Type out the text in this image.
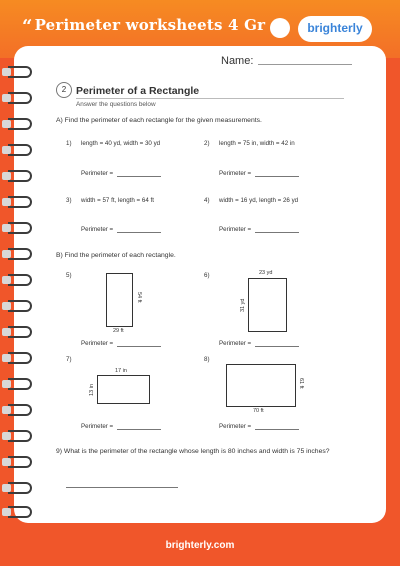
“ Perimeter worksheets 4 Gr	brighterly
Name:
2 Perimeter of a Rectangle
Answer the questions below
A) Find the perimeter of each rectangle for the given measurements.
1) length = 40 yd, width = 30 yd
Perimeter =
2) length = 75 in, width = 42 in
Perimeter =
3) width = 57 ft, length = 64 ft
Perimeter =
4) width = 16 yd, length = 26 yd
Perimeter =
B) Find the perimeter of each rectangle.
5)
54 ft
29 ft
Perimeter =
6)	23 yd
31 yd
Perimeter =
7)
17 in
13 in
Perimeter =
8)
61 ft
70 ft
Perimeter =
9) What is the perimeter of the rectangle whose length is 80 inches and width is 75 inches?
brighterly.com
